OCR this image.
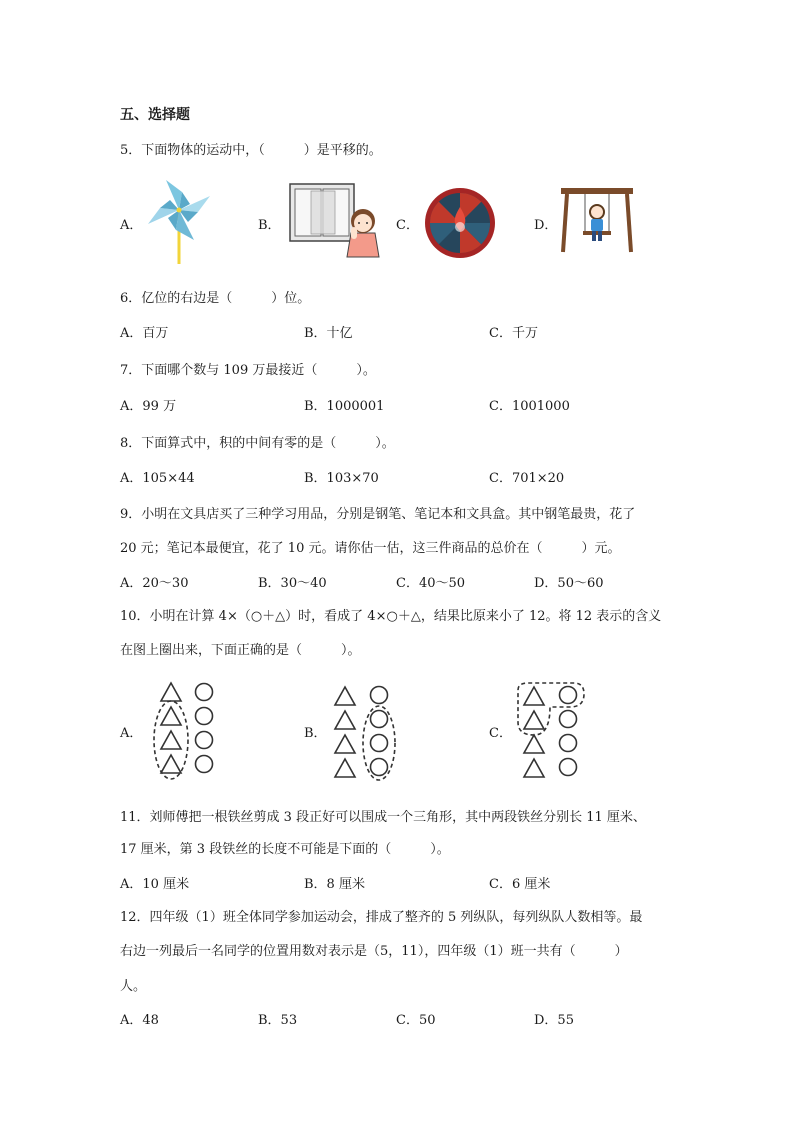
五、选择题
5．下面物体的运动中，（　　　）是平移的。
A．	B．	C．	D．
6．亿位的右边是（　　　）位。
A．百万	B．十亿	C．千万
7．下面哪个数与 109 万最接近（　　　）。
A．99 万	B．1000001	C．1001000
8．下面算式中，积的中间有零的是（　　　）。
A．105×44	B．103×70	C．701×20
9．小明在文具店买了三种学习用品，分别是钢笔、笔记本和文具盒。其中钢笔最贵，花了
20 元；笔记本最便宜，花了 10 元。请你估一估，这三件商品的总价在（　　　）元。
A．20～30	B．30～40	C．40～50	D．50～60
10．小明在计算 4×（○＋△）时，看成了 4×○＋△，结果比原来小了 12。将 12 表示的含义
在图上圈出来，下面正确的是（　　　）。
A．	B．	C．
11．刘师傅把一根铁丝剪成 3 段正好可以围成一个三角形，其中两段铁丝分别长 11 厘米、
17 厘米，第 3 段铁丝的长度不可能是下面的（　　　）。
A．10 厘米	B．8 厘米	C．6 厘米
12．四年级（1）班全体同学参加运动会，排成了整齐的 5 列纵队，每列纵队人数相等。最
右边一列最后一名同学的位置用数对表示是（5，11），四年级（1）班一共有（　　　）
人。
A．48	B．53	C．50	D．55
